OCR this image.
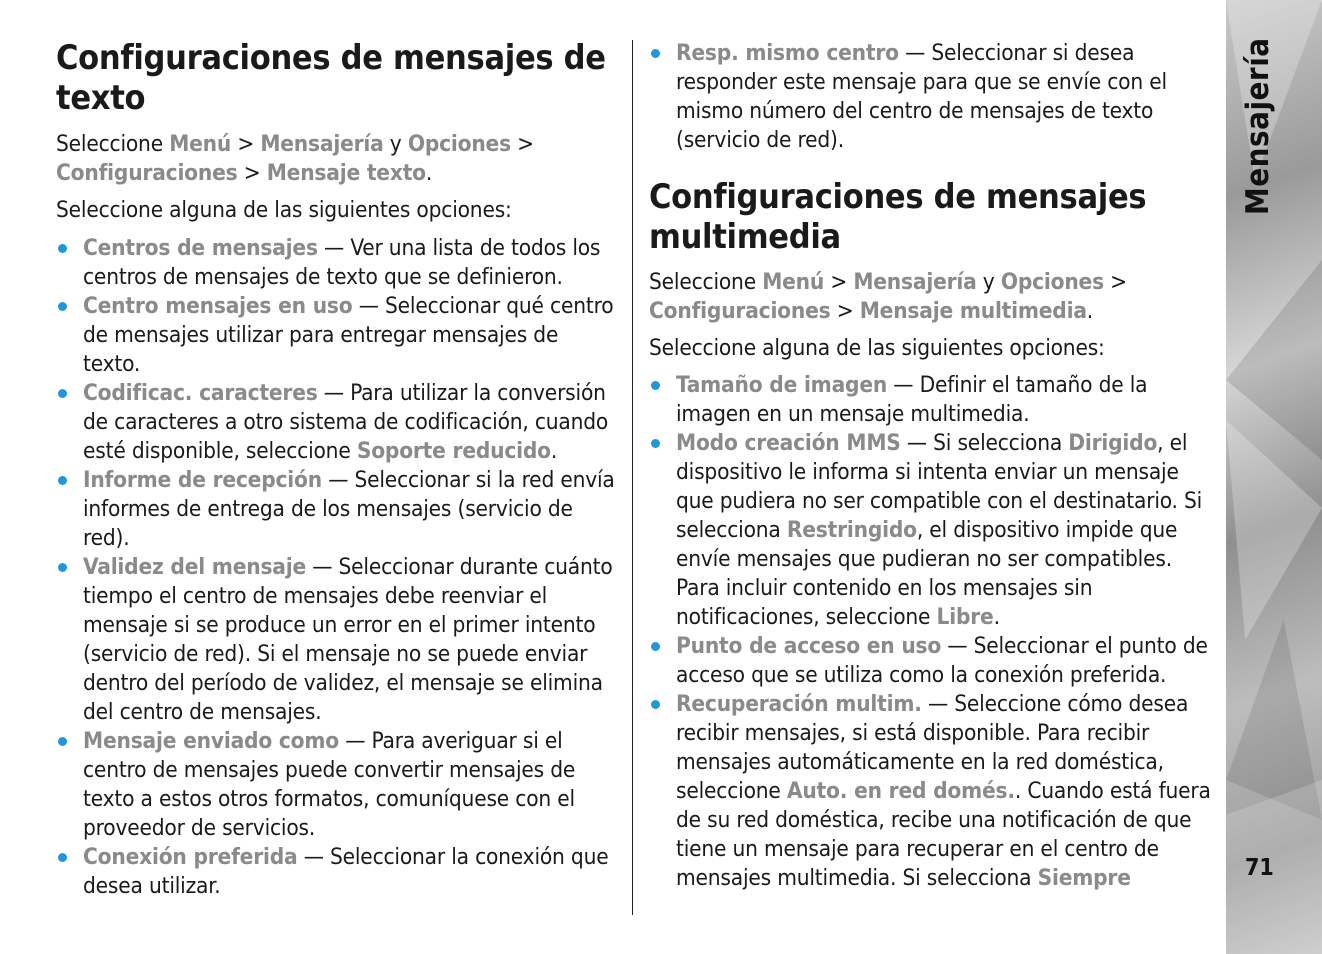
Configuraciones de mensajes de texto

Seleccione Menú > Mensajería y Opciones > Configuraciones > Mensaje texto.

Seleccione alguna de las siguientes opciones:

Centros de mensajes — Ver una lista de todos los centros de mensajes de texto que se definieron.
Centro mensajes en uso — Seleccionar qué centro de mensajes utilizar para entregar mensajes de texto.
Codificac. caracteres — Para utilizar la conversión de caracteres a otro sistema de codificación, cuando esté disponible, seleccione Soporte reducido.
Informe de recepción — Seleccionar si la red envía informes de entrega de los mensajes (servicio de red).
Validez del mensaje — Seleccionar durante cuánto tiempo el centro de mensajes debe reenviar el mensaje si se produce un error en el primer intento (servicio de red). Si el mensaje no se puede enviar dentro del período de validez, el mensaje se elimina del centro de mensajes.
Mensaje enviado como — Para averiguar si el centro de mensajes puede convertir mensajes de texto a estos otros formatos, comuníquese con el proveedor de servicios.
Conexión preferida — Seleccionar la conexión que desea utilizar.
Resp. mismo centro — Seleccionar si desea responder este mensaje para que se envíe con el mismo número del centro de mensajes de texto (servicio de red).
Configuraciones de mensajes multimedia

Seleccione Menú > Mensajería y Opciones > Configuraciones > Mensaje multimedia.

Seleccione alguna de las siguientes opciones:

Tamaño de imagen — Definir el tamaño de la imagen en un mensaje multimedia.
Modo creación MMS — Si selecciona Dirigido, el dispositivo le informa si intenta enviar un mensaje que pudiera no ser compatible con el destinatario. Si selecciona Restringido, el dispositivo impide que envíe mensajes que pudieran no ser compatibles. Para incluir contenido en los mensajes sin notificaciones, seleccione Libre.
Punto de acceso en uso — Seleccionar el punto de acceso que se utiliza como la conexión preferida.
Recuperación multim. — Seleccione cómo desea recibir mensajes, si está disponible. Para recibir mensajes automáticamente en la red doméstica, seleccione Auto. en red domés.. Cuando está fuera de su red doméstica, recibe una notificación de que tiene un mensaje para recuperar en el centro de mensajes multimedia. Si selecciona Siempre
Mensajería
71
